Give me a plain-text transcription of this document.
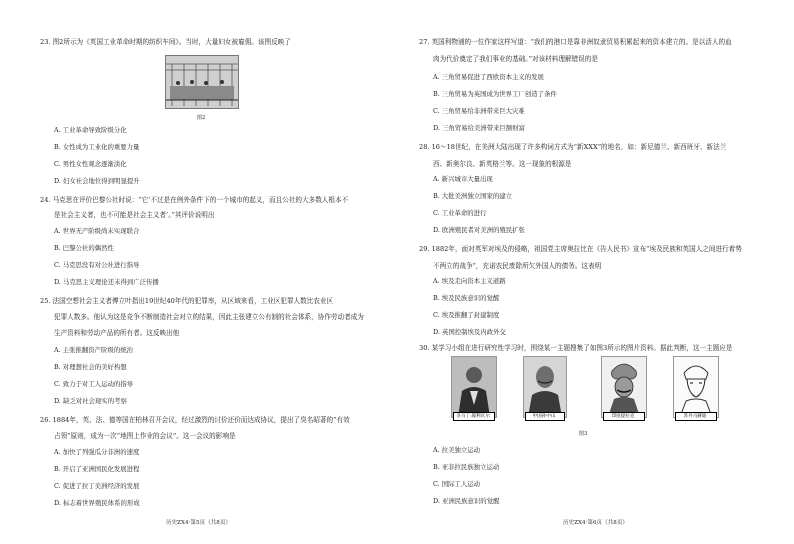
23. 图2所示为《英国工业革命时期的纺织车间》。当时，大量妇女被雇佣。该图反映了
图2
A. 工业革命导致阶级分化
B. 女性成为工业化的重要力量
C. 男性女性观念逐渐淡化
D. 妇女社会地位得到明显提升
24. 马克思在评价巴黎公社时说：“它‘不过是在例外条件下的一个城市的起义，而且公社的大多数人根本不
是社会主义者，也不可能是社会主义者’。”其评价说明出
A. 世界无产阶级尚未实现联合
B. 巴黎公社的偶然性
C. 马克思没有对公社进行指导
D. 马克思主义理论还未得到广泛传播
25. 法国空想社会主义者傅立叶指出19世纪40年代的犯罪率，从区域来看，工业区犯罪人数比农业区
犯罪人数多。他认为这是竞争不断制造社会对立的结果，因此主张建立公有制的社会体系，协作劳动者成为
生产资料和劳动产品的所有者。这反映出他
A. 主张推翻资产阶级的统治
B. 对理想社会的美好构想
C. 致力于对工人运动的指导
D. 缺乏对社会现实的考察
26. 1884年，英、法、德等国在柏林召开会议，经过激烈的讨价还价而达成协议，提出了臭名昭著的“有效
占领”原则，成为一次“地图上作业的会议”。这一会议的影响是
A. 加快了列强瓜分非洲的速度
B. 开启了亚洲国民化发展进程
C. 促进了拉丁美洲经济的发展
D. 标志着世界殖民体系的形成
历史ZX4·第5页（共8页）
27. 英国利物浦的一位作家这样写道：“我们的港口是靠非洲奴隶贸易积累起来的资本建立的。是以活人的血
肉为代价奠定了我们事业的基础。”对该材料理解错误的是
A. 三角贸易促进了西欧资本主义的发展
B. 三角贸易为英国成为世界工厂创造了条件
C. 三角贸易给非洲带来巨大灾难
D. 三角贸易给美洲带来巨额财富
28. 16～18世纪，在美洲大陆出现了许多构词方式为“新XXX”的地名，如：新尼德兰、新西班牙、新法兰
西、新奥尔良、新英格兰等。这一现象的根源是
A. 新兴城市大量出现
B. 大批美洲独立国家的建立
C. 工业革命的进行
D. 欧洲殖民者对美洲的殖民扩张
29. 1882年，面对英军对埃及的侵略，祖国党主席奥拉比在《告人民书》宣布“埃及民族和英国人之间进行着势
不两立的战争”，充诺农民废除所欠外国人的债务。这表明
A. 埃及走向资本主义道路
B. 埃及民族意识的觉醒
C. 埃及推翻了封建制度
D. 英国控制埃及内政外交
30. 某学习小组在进行研究性学习时，围绕某一主题搜集了如图3所示的图片资料。据此判断，这一主题应是
圣马丁·玻利瓦尔	中国孙中山	印度提拉克	苏丹马赫迪
图3
A. 拉美独立运动
B. 亚非拉民族独立运动
C. 国际工人运动
D. 亚洲民族意识的觉醒
历史ZX4·第6页（共8页）
